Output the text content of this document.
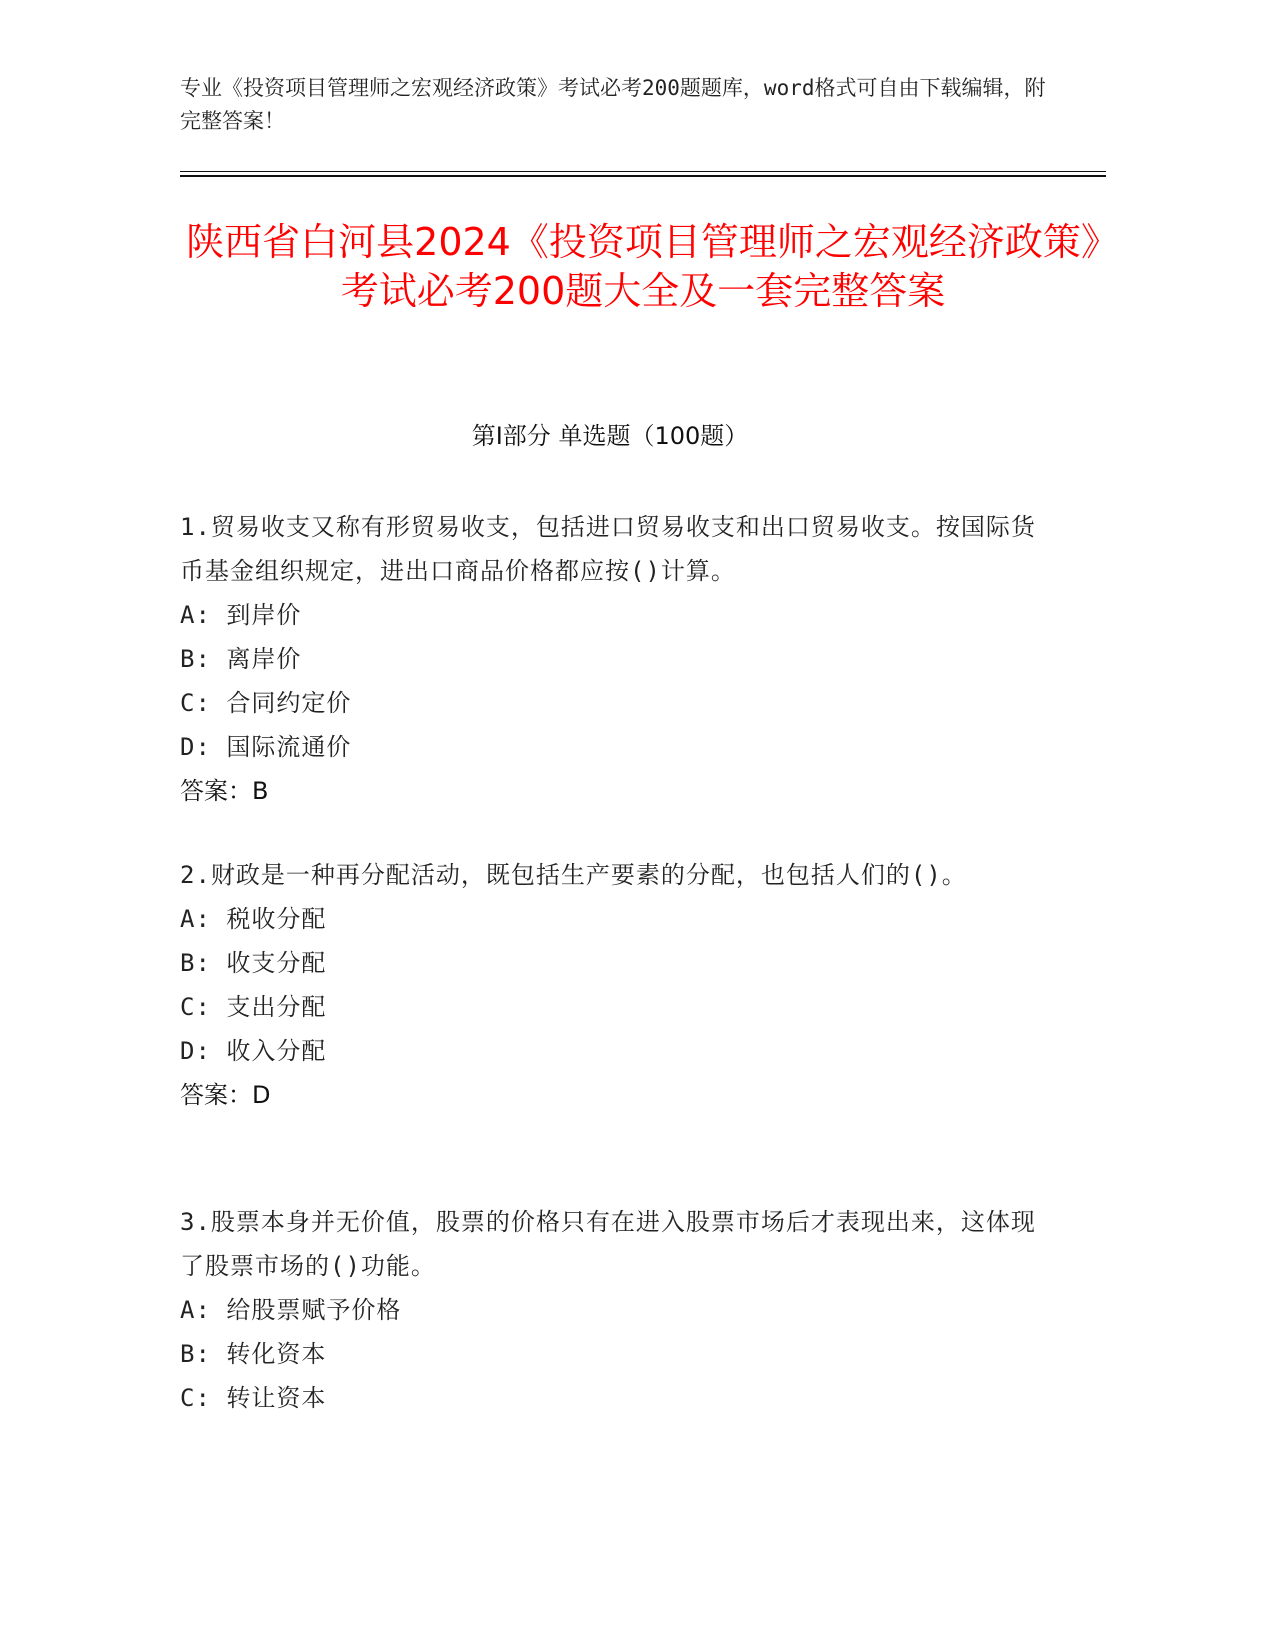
专业《投资项目管理师之宏观经济政策》考试必考200题题库，word格式可自由下载编辑，附完整答案！
陕西省白河县2024《投资项目管理师之宏观经济政策》考试必考200题大全及一套完整答案
第Ⅰ部分 单选题（100题）
1.贸易收支又称有形贸易收支，包括进口贸易收支和出口贸易收支。按国际货币基金组织规定，进出口商品价格都应按()计算。
A: 到岸价
B: 离岸价
C: 合同约定价
D: 国际流通价
答案：B
2.财政是一种再分配活动，既包括生产要素的分配，也包括人们的()。
A: 税收分配
B: 收支分配
C: 支出分配
D: 收入分配
答案：D
3.股票本身并无价值，股票的价格只有在进入股票市场后才表现出来，这体现了股票市场的()功能。
A: 给股票赋予价格
B: 转化资本
C: 转让资本
